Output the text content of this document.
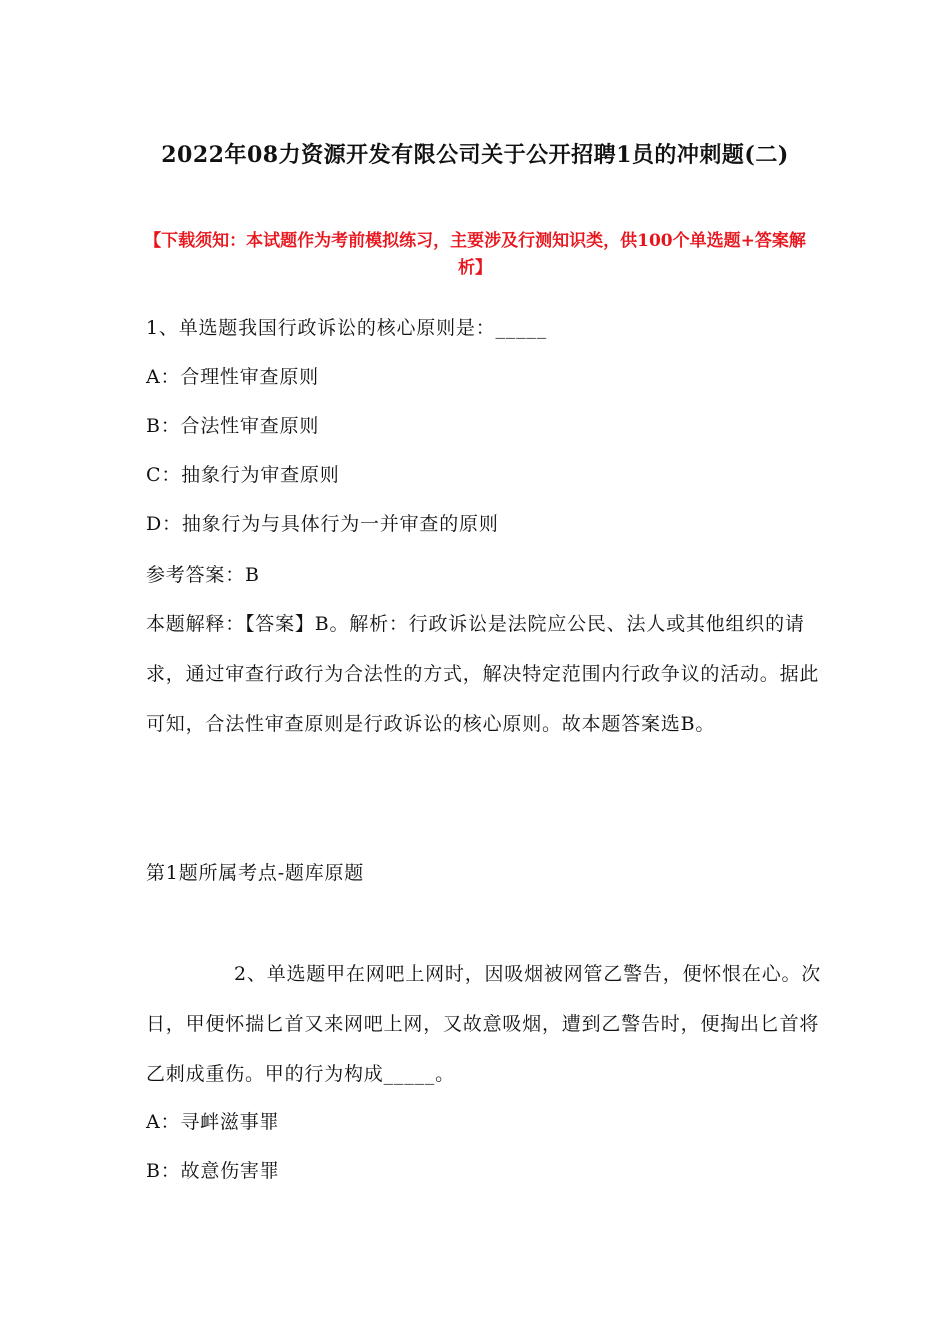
2022年08力资源开发有限公司关于公开招聘1员的冲刺题(二)
【下载须知：本试题作为考前模拟练习，主要涉及行测知识类，供100个单选题+答案解析】
1、单选题我国行政诉讼的核心原则是：_____
A：合理性审查原则
B：合法性审查原则
C：抽象行为审查原则
D：抽象行为与具体行为一并审查的原则
参考答案：B
本题解释：【答案】B。解析：行政诉讼是法院应公民、法人或其他组织的请求，通过审查行政行为合法性的方式，解决特定范围内行政争议的活动。据此可知，合法性审查原则是行政诉讼的核心原则。故本题答案选B。
第1题所属考点-题库原题
2、单选题甲在网吧上网时，因吸烟被网管乙警告，便怀恨在心。次日，甲便怀揣匕首又来网吧上网，又故意吸烟，遭到乙警告时，便掏出匕首将乙刺成重伤。甲的行为构成_____。
A：寻衅滋事罪
B：故意伤害罪
